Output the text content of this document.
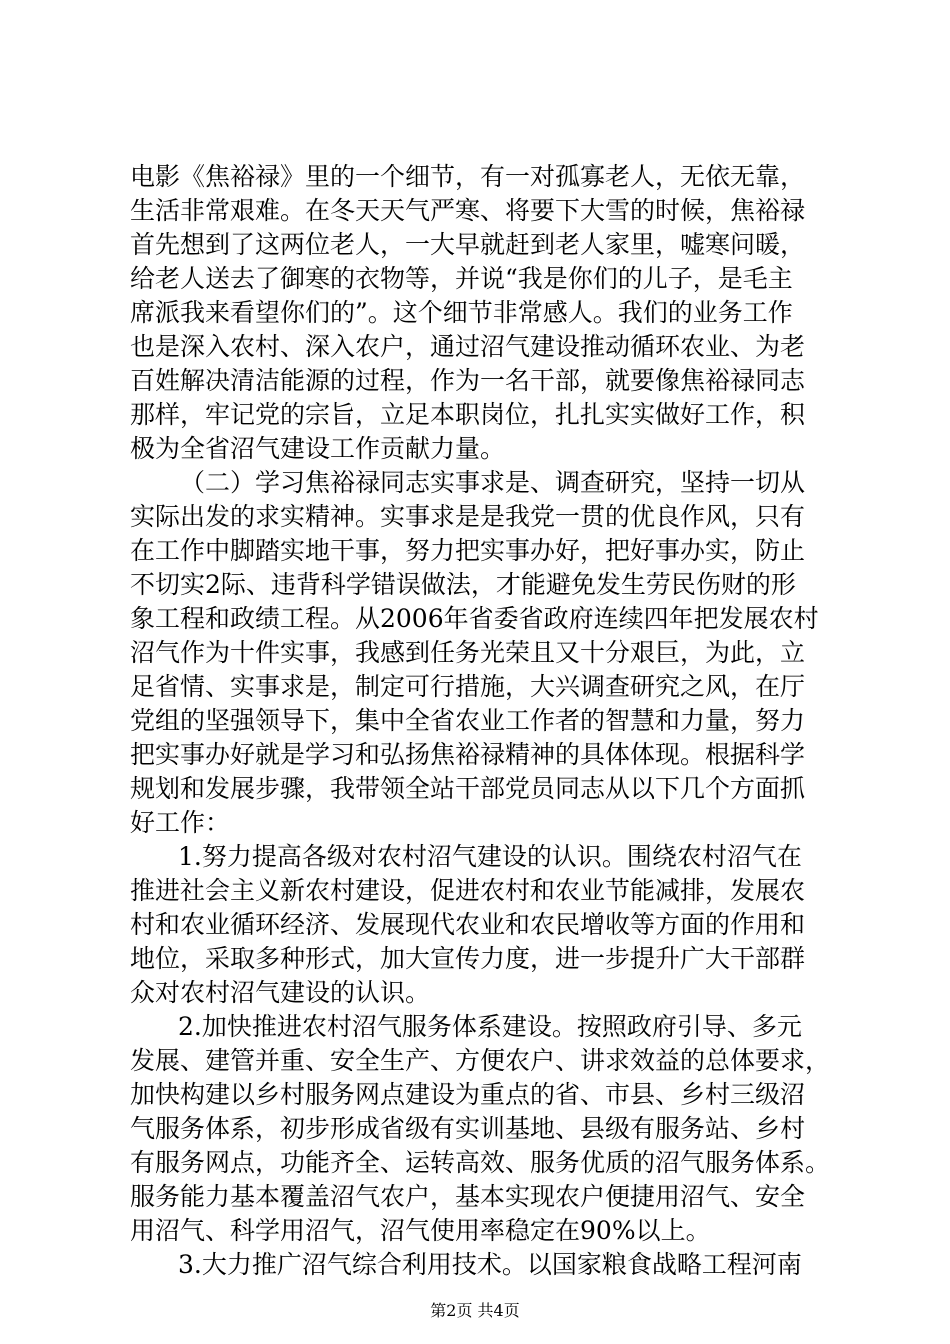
电影《焦裕禄》里的一个细节，有一对孤寡老人，无依无靠，
生活非常艰难。在冬天天气严寒、将要下大雪的时候，焦裕禄
首先想到了这两位老人，一大早就赶到老人家里，嘘寒问暖，
给老人送去了御寒的衣物等，并说“我是你们的儿子，是毛主
席派我来看望你们的”。这个细节非常感人。我们的业务工作
也是深入农村、深入农户，通过沼气建设推动循环农业、为老
百姓解决清洁能源的过程，作为一名干部，就要像焦裕禄同志
那样，牢记党的宗旨，立足本职岗位，扎扎实实做好工作，积
极为全省沼气建设工作贡献力量。
（二）学习焦裕禄同志实事求是、调查研究，坚持一切从
实际出发的求实精神。实事求是是我党一贯的优良作风，只有
在工作中脚踏实地干事，努力把实事办好，把好事办实，防止
不切实2际、违背科学错误做法，才能避免发生劳民伤财的形
象工程和政绩工程。从2006年省委省政府连续四年把发展农村
沼气作为十件实事，我感到任务光荣且又十分艰巨，为此，立
足省情、实事求是，制定可行措施，大兴调查研究之风，在厅
党组的坚强领导下，集中全省农业工作者的智慧和力量，努力
把实事办好就是学习和弘扬焦裕禄精神的具体体现。根据科学
规划和发展步骤，我带领全站干部党员同志从以下几个方面抓
好工作：
1.努力提高各级对农村沼气建设的认识。围绕农村沼气在
推进社会主义新农村建设，促进农村和农业节能减排，发展农
村和农业循环经济、发展现代农业和农民增收等方面的作用和
地位，采取多种形式，加大宣传力度，进一步提升广大干部群
众对农村沼气建设的认识。
2.加快推进农村沼气服务体系建设。按照政府引导、多元
发展、建管并重、安全生产、方便农户、讲求效益的总体要求，
加快构建以乡村服务网点建设为重点的省、市县、乡村三级沼
气服务体系，初步形成省级有实训基地、县级有服务站、乡村
有服务网点，功能齐全、运转高效、服务优质的沼气服务体系。
服务能力基本覆盖沼气农户，基本实现农户便捷用沼气、安全
用沼气、科学用沼气，沼气使用率稳定在90%以上。
3.大力推广沼气综合利用技术。以国家粮食战略工程河南
第2页 共4页
